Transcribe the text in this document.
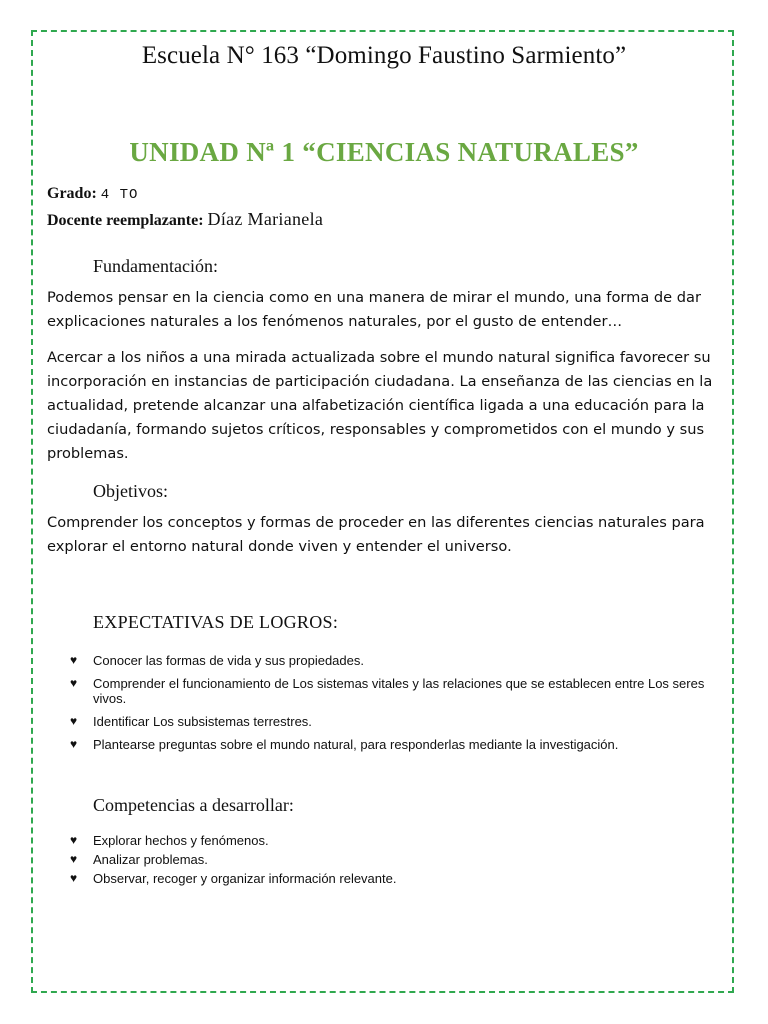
Escuela N° 163 “Domingo Faustino Sarmiento”
UNIDAD Nª 1 “CIENCIAS NATURALES”
Grado: 4 TO
Docente reemplazante: Díaz Marianela
Fundamentación:
Podemos pensar en la ciencia como en una manera de mirar el mundo, una forma de dar explicaciones naturales a los fenómenos naturales, por el gusto de entender…
Acercar a los niños a una mirada actualizada sobre el mundo natural significa favorecer su incorporación en instancias de participación ciudadana. La enseñanza de las ciencias en la actualidad, pretende alcanzar una alfabetización científica ligada a una educación para la ciudadanía, formando sujetos críticos, responsables y comprometidos con el mundo y sus problemas.
Objetivos:
Comprender los conceptos y formas de proceder en las diferentes ciencias naturales para explorar el entorno natural donde viven y entender el universo.
EXPECTATIVAS DE LOGROS:
♥ Conocer las formas de vida y sus propiedades.
♥ Comprender el funcionamiento de Los sistemas vitales y las relaciones que se establecen entre Los seres vivos.
♥ Identificar Los subsistemas terrestres.
♥ Plantearse preguntas sobre el mundo natural, para responderlas mediante la investigación.
Competencias a desarrollar:
♥ Explorar hechos y fenómenos.
♥ Analizar problemas.
♥ Observar, recoger y organizar información relevante.
